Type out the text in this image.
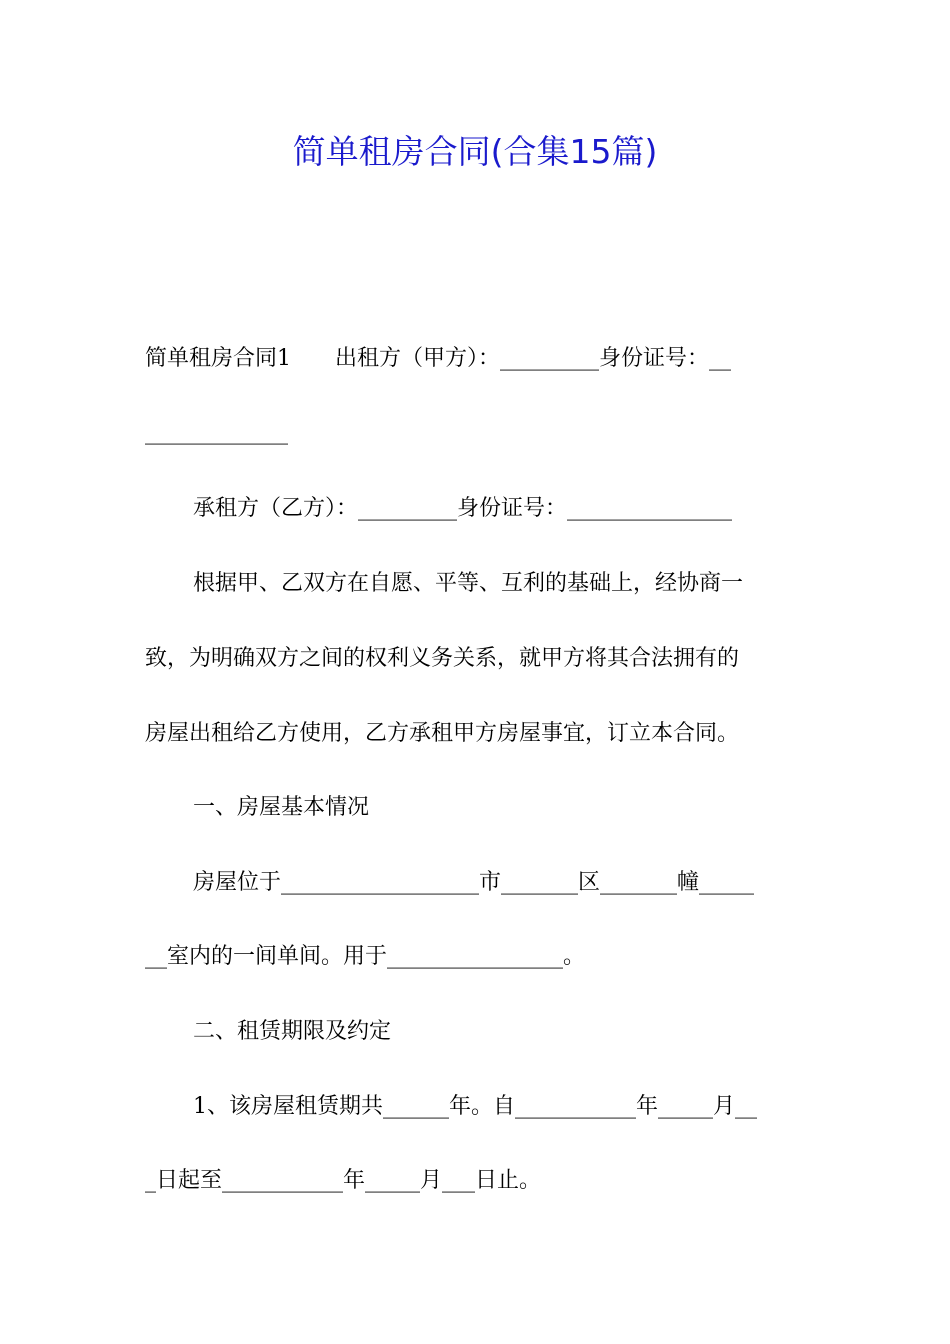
简单租房合同(合集15篇)
简单租房合同1　　出租方（甲方）：_________身份证号：__
_____________
承租方（乙方）：_________身份证号：_______________
根据甲、乙双方在自愿、平等、互利的基础上，经协商一
致，为明确双方之间的权利义务关系，就甲方将其合法拥有的
房屋出租给乙方使用，乙方承租甲方房屋事宜，订立本合同。
一、房屋基本情况
房屋位于__________________市_______区_______幢_____
__室内的一间单间。用于________________。
二、租赁期限及约定
1、该房屋租赁期共______年。自___________年_____月__
_日起至___________年_____月___日止。
